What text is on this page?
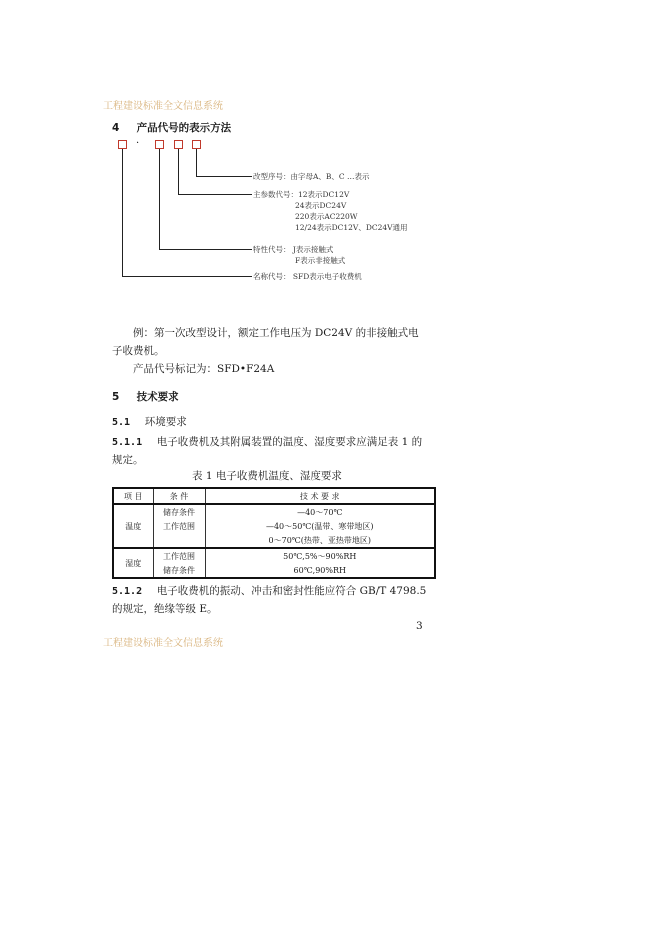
工程建设标准全文信息系统
4 产品代号的表示方法
·
改型序号：由字母A、B、C …表示
主参数代号：12表示DC12V
24表示DC24V
220表示AC220W
12/24表示DC12V、DC24V通用
特性代号： J表示接触式
F表示非接触式
名称代号： SFD表示电子收费机
例：第一次改型设计，额定工作电压为 DC24V 的非接触式电
子收费机。
产品代号标记为：SFD•F24A
5 技术要求
5.1 环境要求
5.1.1 电子收费机及其附属装置的温度、湿度要求应满足表 1 的
规定。
表 1 电子收费机温度、湿度要求
项 目	条 件	技 术 要 求
温度	储存条件	—40～70℃
	工作范围	—40～50℃(温带、寒带地区)
		0～70℃(热带、亚热带地区)
湿度	工作范围	50℃,5%～90%RH
	储存条件	60℃,90%RH
5.1.2 电子收费机的振动、冲击和密封性能应符合 GB/T 4798.5
的规定，绝缘等级 E。
3
工程建设标准全文信息系统
